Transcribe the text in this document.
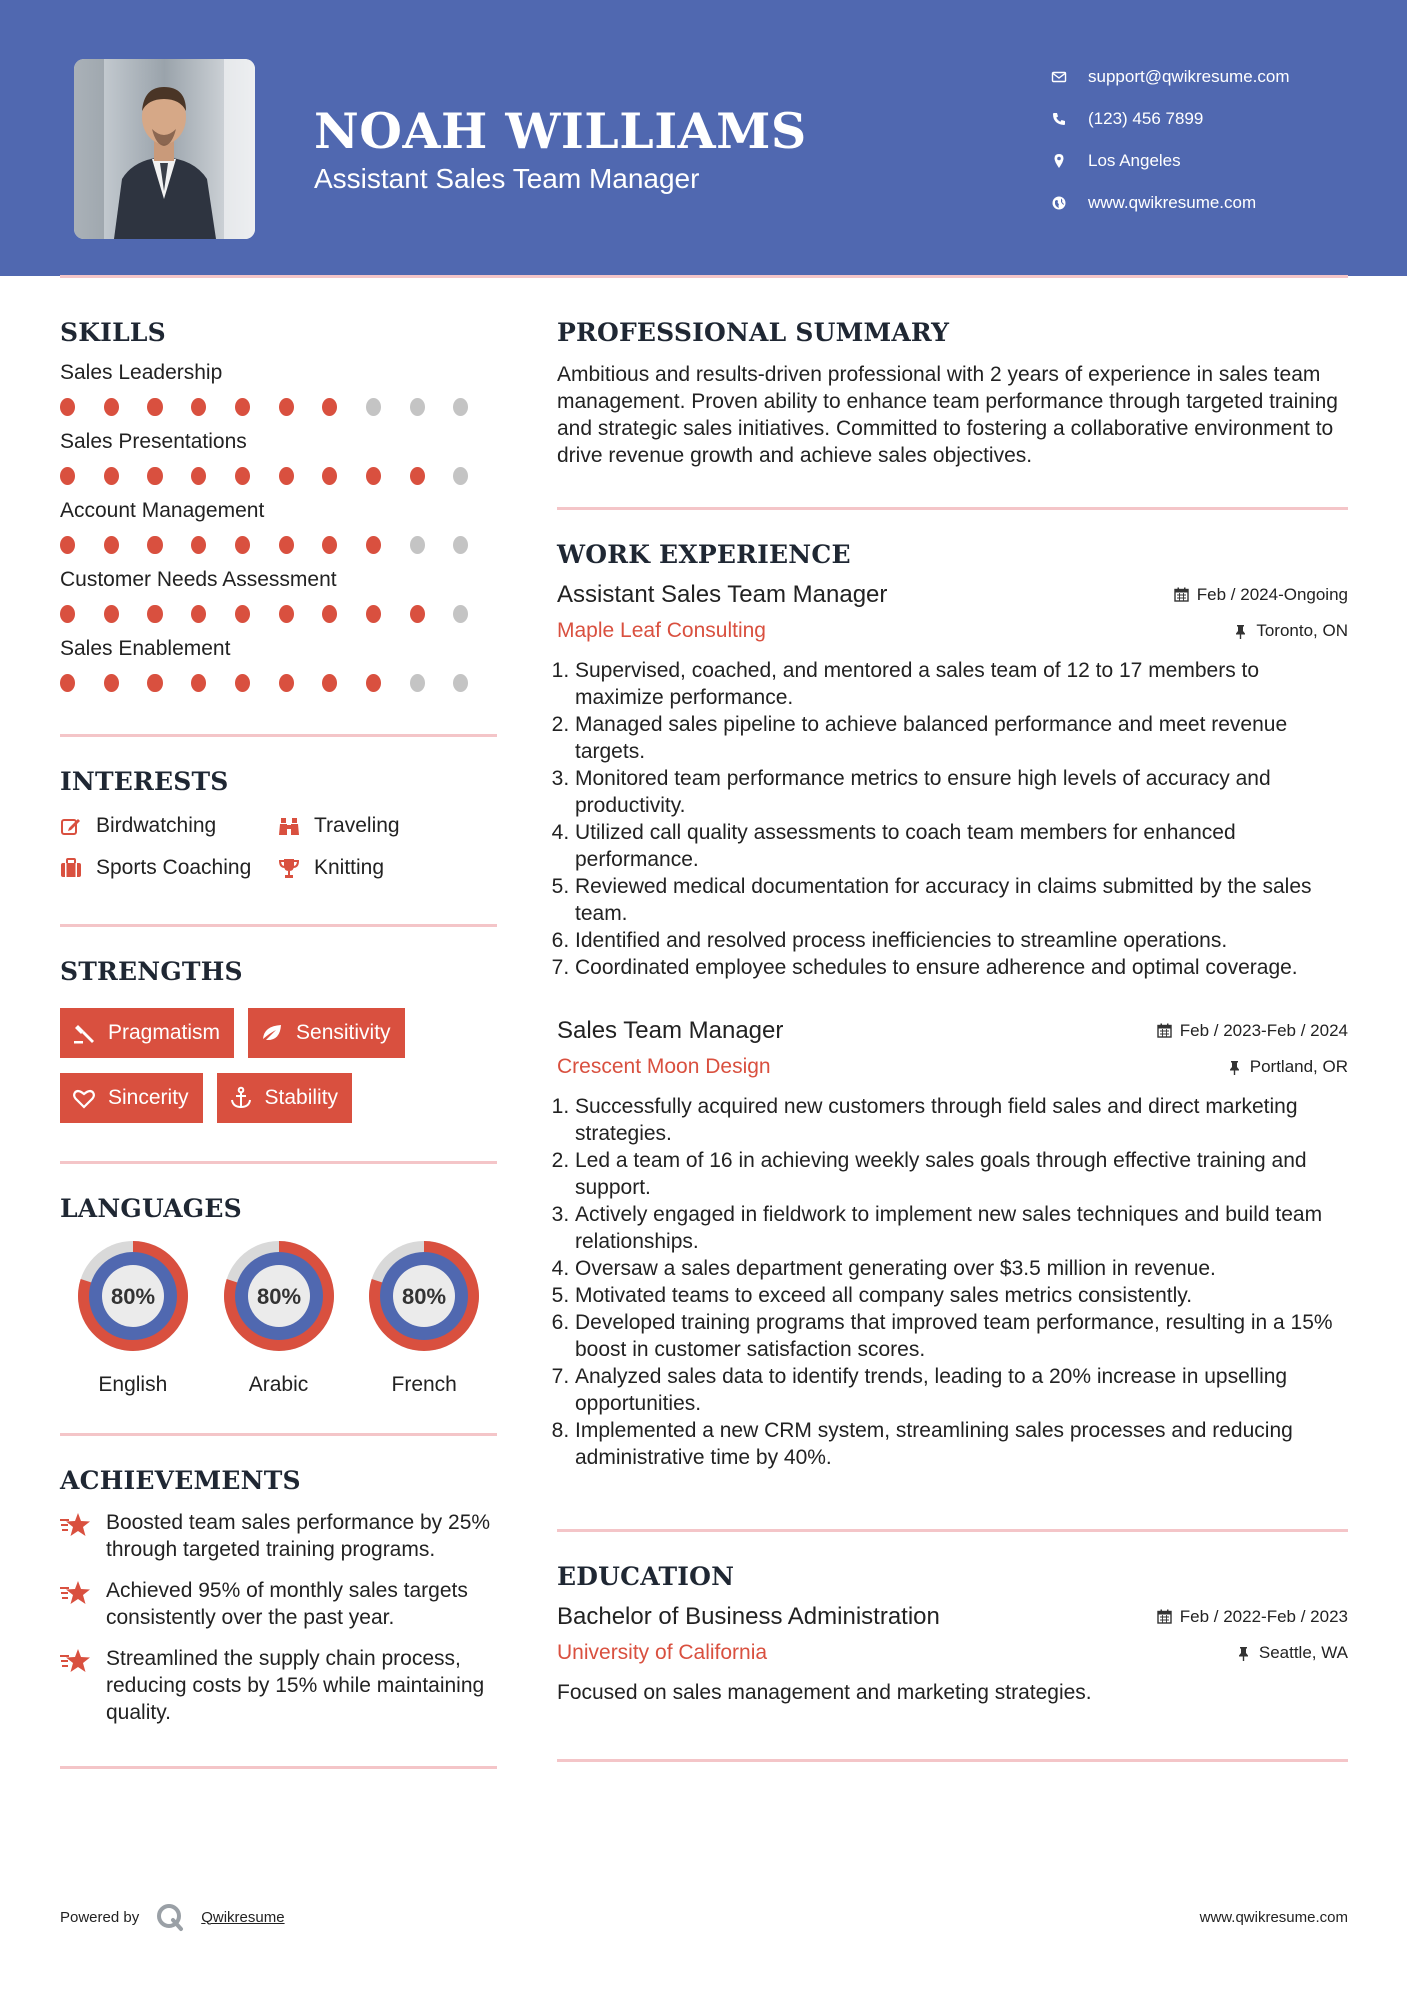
NOAH WILLIAMS
Assistant Sales Team Manager
support@qwikresume.com
(123) 456 7899
Los Angeles
www.qwikresume.com
SKILLS
Sales Leadership
Sales Presentations
Account Management
Customer Needs Assessment
Sales Enablement
INTERESTS
Birdwatching	Traveling
Sports Coaching	Knitting
STRENGTHS
Pragmatism	Sensitivity
Sincerity	Stability
LANGUAGES
80%
English
80%
Arabic
80%
French
ACHIEVEMENTS
Boosted team sales performance by 25% through targeted training programs.
Achieved 95% of monthly sales targets consistently over the past year.
Streamlined the supply chain process, reducing costs by 15% while maintaining quality.
PROFESSIONAL SUMMARY
Ambitious and results-driven professional with 2 years of experience in sales team management. Proven ability to enhance team performance through targeted training and strategic sales initiatives. Committed to fostering a collaborative environment to drive revenue growth and achieve sales objectives.
WORK EXPERIENCE
Assistant Sales Team Manager	Feb / 2024-Ongoing
Maple Leaf Consulting	Toronto, ON
1. Supervised, coached, and mentored a sales team of 12 to 17 members to maximize performance.
2. Managed sales pipeline to achieve balanced performance and meet revenue targets.
3. Monitored team performance metrics to ensure high levels of accuracy and productivity.
4. Utilized call quality assessments to coach team members for enhanced performance.
5. Reviewed medical documentation for accuracy in claims submitted by the sales team.
6. Identified and resolved process inefficiencies to streamline operations.
7. Coordinated employee schedules to ensure adherence and optimal coverage.
Sales Team Manager	Feb / 2023-Feb / 2024
Crescent Moon Design	Portland, OR
1. Successfully acquired new customers through field sales and direct marketing strategies.
2. Led a team of 16 in achieving weekly sales goals through effective training and support.
3. Actively engaged in fieldwork to implement new sales techniques and build team relationships.
4. Oversaw a sales department generating over $3.5 million in revenue.
5. Motivated teams to exceed all company sales metrics consistently.
6. Developed training programs that improved team performance, resulting in a 15% boost in customer satisfaction scores.
7. Analyzed sales data to identify trends, leading to a 20% increase in upselling opportunities.
8. Implemented a new CRM system, streamlining sales processes and reducing administrative time by 40%.
EDUCATION
Bachelor of Business Administration	Feb / 2022-Feb / 2023
University of California	Seattle, WA
Focused on sales management and marketing strategies.
Powered by	Qwikresume	www.qwikresume.com
